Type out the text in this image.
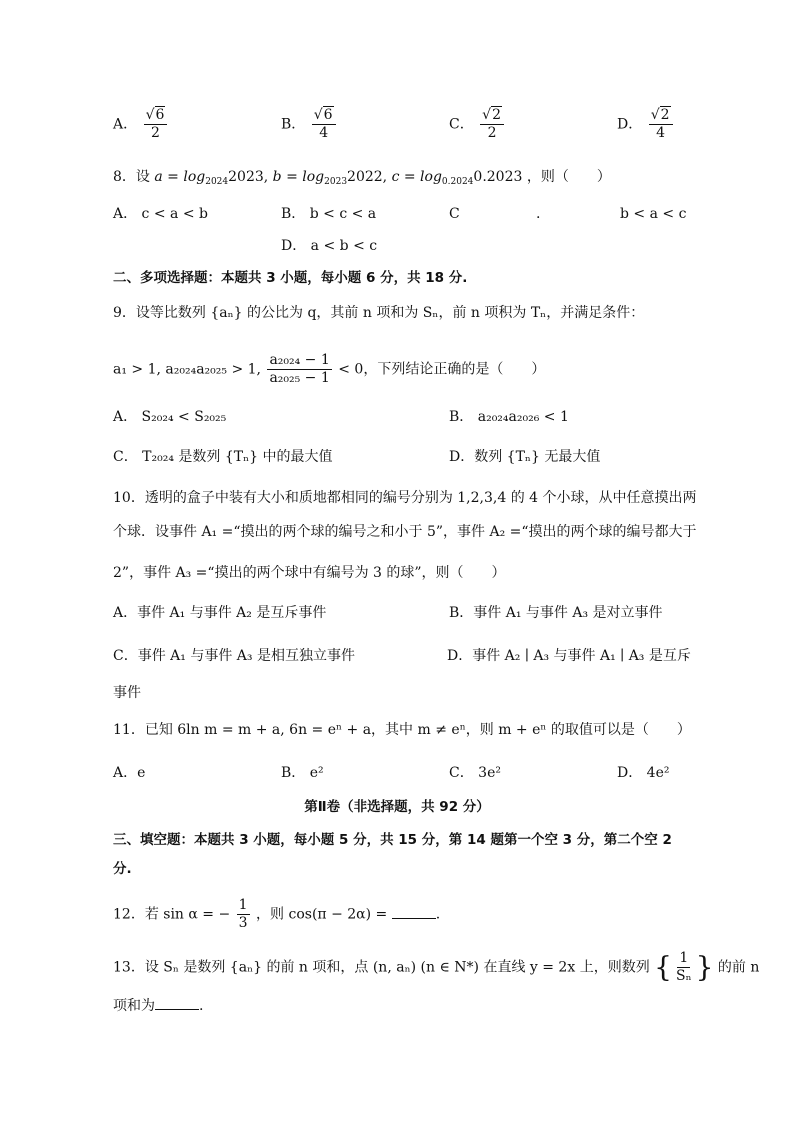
A． $\frac{√6}{2}$	B． $\frac{√6}{4}$	C． $\frac{√2}{2}$	D． $\frac{√2}{4}$
8．设 $a = \log_{2024}2023$, $b = \log_{2023}2022$, $c = \log_{0.2024}0.2023$ ，则（　　）
A． c < a < b	B． b < c < a	C	.	b < a < c
D． a < b < c
二、多项选择题：本题共 3 小题，每小题 6 分，共 18 分.
9．设等比数列 {aₙ} 的公比为 q，其前 n 项和为 Sₙ，前 n 项积为 Tₙ，并满足条件：
a₁ > 1, a₂₀₂₄a₂₀₂₅ > 1, $\frac{\text{a₂₀₂₄ − 1}}{\text{a₂₀₂₅ − 1}} < 0$，下列结论正确的是（　　）
A． S₂₀₂₄ < S₂₀₂₅	B． a₂₀₂₄a₂₀₂₆ < 1
C． T₂₀₂₄ 是数列 {Tₙ} 中的最大值	D．数列 {Tₙ} 无最大值
10．透明的盒子中装有大小和质地都相同的编号分别为 1,2,3,4 的 4 个小球，从中任意摸出两
个球．设事件 A₁ =“摸出的两个球的编号之和小于 5”，事件 A₂ =“摸出的两个球的编号都大于
2”，事件 A₃ =“摸出的两个球中有编号为 3 的球”，则（　　）
A．事件 A₁ 与事件 A₂ 是互斥事件	B．事件 A₁ 与事件 A₃ 是对立事件
C．事件 A₁ 与事件 A₃ 是相互独立事件	D．事件 A₂ ∣ A₃ 与事件 A₁ ∣ A₃ 是互斥
事件
11．已知 6ln m = m + a, 6n = eⁿ + a，其中 m ≠ eⁿ，则 m + eⁿ 的取值可以是（　　）
A．e	B． e²	C． 3e²	D． 4e²
第Ⅱ卷（非选择题，共 92 分）
三、填空题：本题共 3 小题，每小题 5 分，共 15 分，第 14 题第一个空 3 分，第二个空 2
分.
12．若 sin α = − $\frac{1}{3}$ ，则 cos(π − 2α) =	.
13．设 Sₙ 是数列 {aₙ} 的前 n 项和，点 (n, aₙ) (n ∈ N*) 在直线 y = 2x 上，则数列 { $\frac{1}{\text{Sₙ}}$ } 的前 n
项和为	.
